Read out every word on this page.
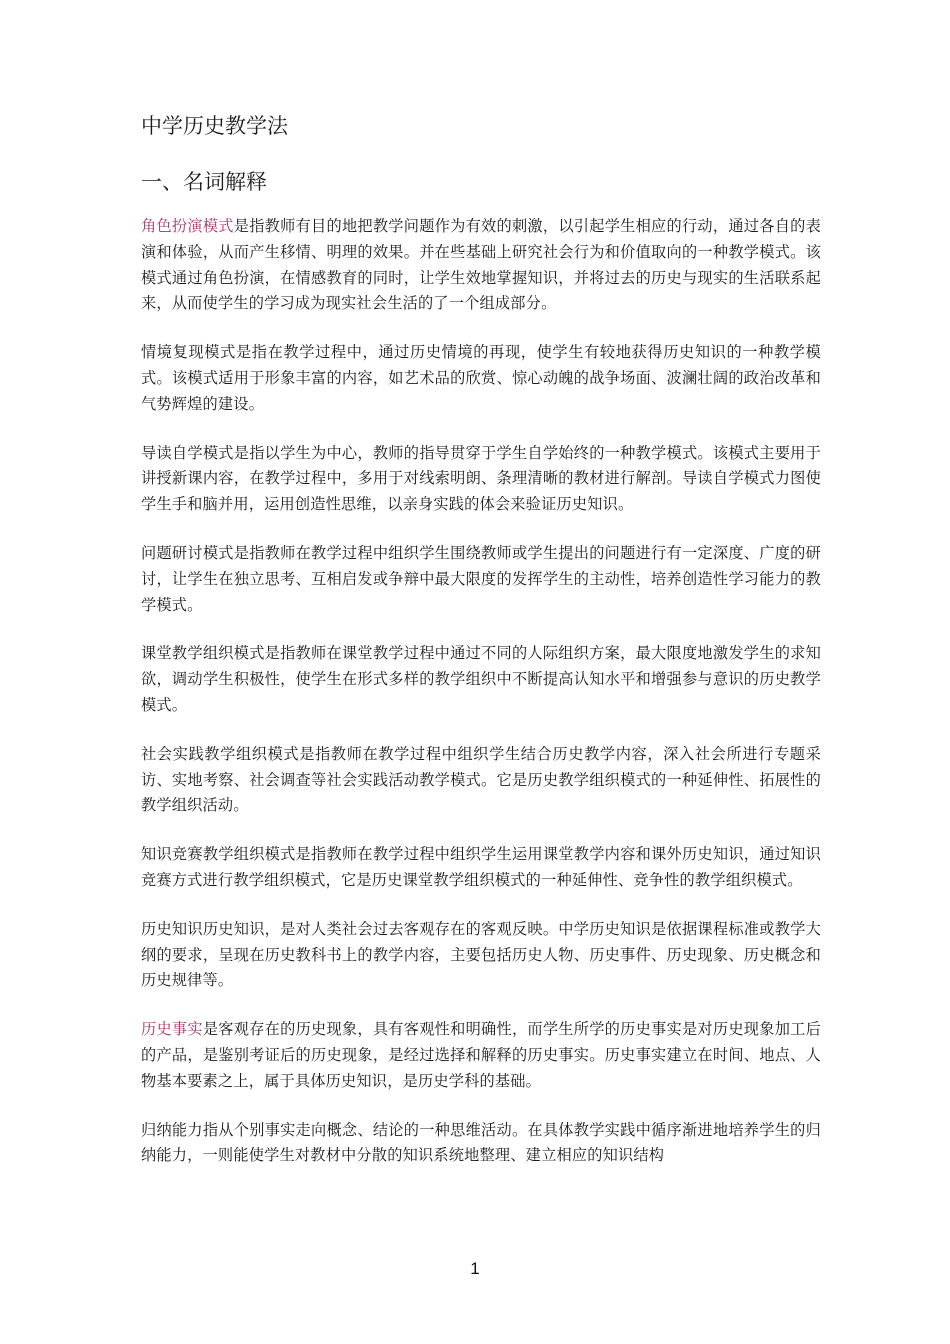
中学历史教学法
一、名词解释

角色扮演模式是指教师有目的地把教学问题作为有效的刺激，以引起学生相应的行动，通过各自的表演和体验，从而产生移情、明理的效果。并在些基础上研究社会行为和价值取向的一种教学模式。该模式通过角色扮演，在情感教育的同时，让学生效地掌握知识，并将过去的历史与现实的生活联系起来，从而使学生的学习成为现实社会生活的了一个组成部分。

情境复现模式是指在教学过程中，通过历史情境的再现，使学生有较地获得历史知识的一种教学模式。该模式适用于形象丰富的内容，如艺术品的欣赏、惊心动魄的战争场面、波澜壮阔的政治改革和气势辉煌的建设。

导读自学模式是指以学生为中心，教师的指导贯穿于学生自学始终的一种教学模式。该模式主要用于讲授新课内容，在教学过程中，多用于对线索明朗、条理清晰的教材进行解剖。导读自学模式力图使学生手和脑并用，运用创造性思维，以亲身实践的体会来验证历史知识。

问题研讨模式是指教师在教学过程中组织学生围绕教师或学生提出的问题进行有一定深度、广度的研讨，让学生在独立思考、互相启发或争辩中最大限度的发挥学生的主动性，培养创造性学习能力的教学模式。

课堂教学组织模式是指教师在课堂教学过程中通过不同的人际组织方案，最大限度地激发学生的求知欲，调动学生积极性，使学生在形式多样的教学组织中不断提高认知水平和增强参与意识的历史教学模式。

社会实践教学组织模式是指教师在教学过程中组织学生结合历史教学内容，深入社会所进行专题采访、实地考察、社会调查等社会实践活动教学模式。它是历史教学组织模式的一种延伸性、拓展性的教学组织活动。

知识竞赛教学组织模式是指教师在教学过程中组织学生运用课堂教学内容和课外历史知识，通过知识竞赛方式进行教学组织模式，它是历史课堂教学组织模式的一种延伸性、竞争性的教学组织模式。

历史知识历史知识，是对人类社会过去客观存在的客观反映。中学历史知识是依据课程标准或教学大纲的要求，呈现在历史教科书上的教学内容，主要包括历史人物、历史事件、历史现象、历史概念和历史规律等。

历史事实是客观存在的历史现象，具有客观性和明确性，而学生所学的历史事实是对历史现象加工后的产品，是鉴别考证后的历史现象，是经过选择和解释的历史事实。历史事实建立在时间、地点、人物基本要素之上，属于具体历史知识，是历史学科的基础。

归纳能力指从个别事实走向概念、结论的一种思维活动。在具体教学实践中循序渐进地培养学生的归纳能力，一则能使学生对教材中分散的知识系统地整理、建立相应的知识结构

1
